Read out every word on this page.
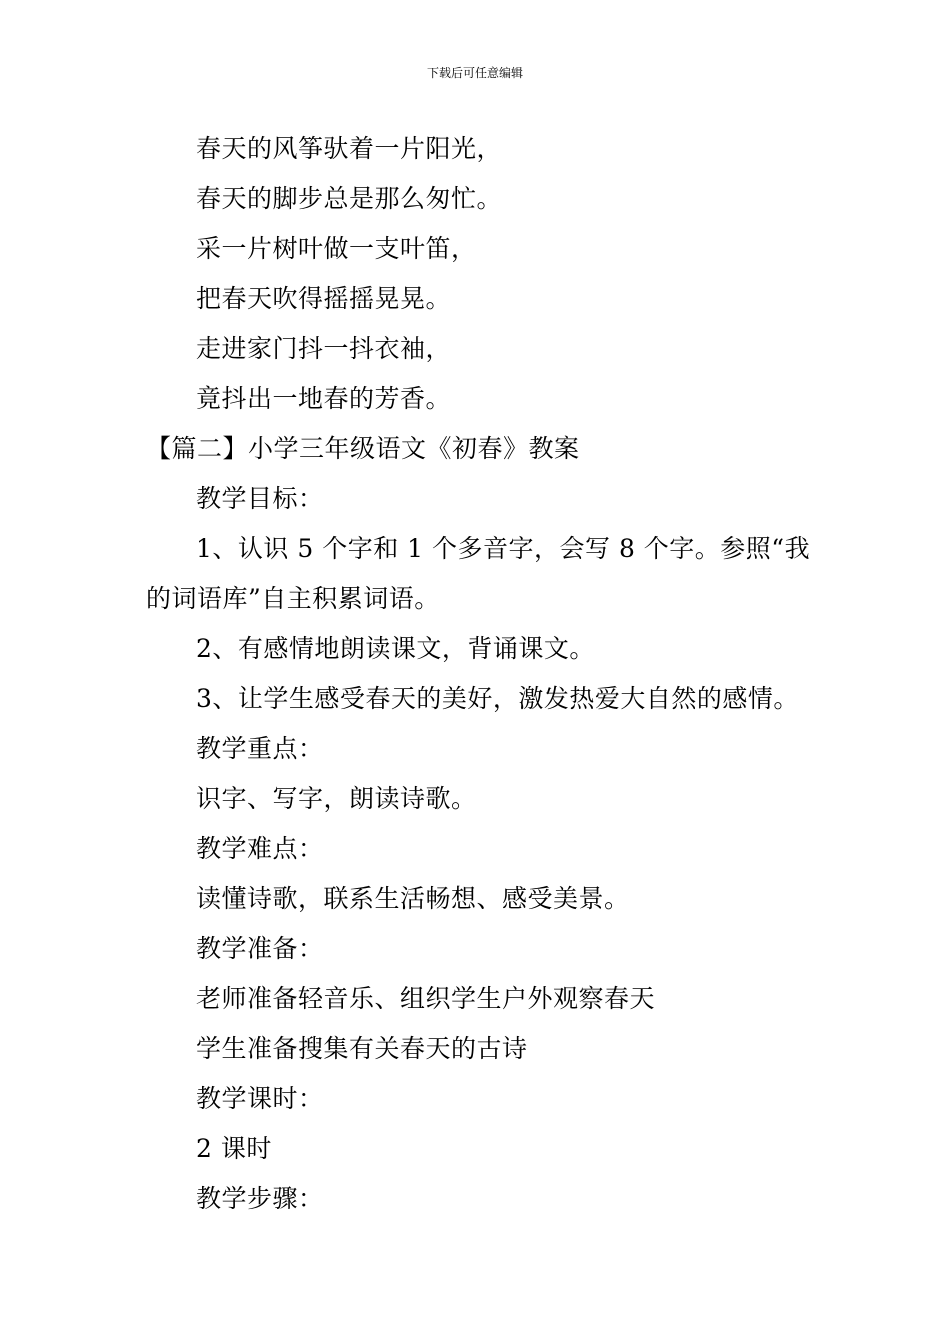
下载后可任意编辑
春天的风筝驮着一片阳光，
春天的脚步总是那么匆忙。
采一片树叶做一支叶笛，
把春天吹得摇摇晃晃。
走进家门抖一抖衣袖，
竟抖出一地春的芳香。
【篇二】小学三年级语文《初春》教案
教学目标：
1、认识 5 个字和 1 个多音字，会写 8 个字。参照“我
的词语库”自主积累词语。
2、有感情地朗读课文，背诵课文。
3、让学生感受春天的美好，激发热爱大自然的感情。
教学重点：
识字、写字，朗读诗歌。
教学难点：
读懂诗歌，联系生活畅想、感受美景。
教学准备：
老师准备轻音乐、组织学生户外观察春天
学生准备搜集有关春天的古诗
教学课时：
2 课时
教学步骤：
